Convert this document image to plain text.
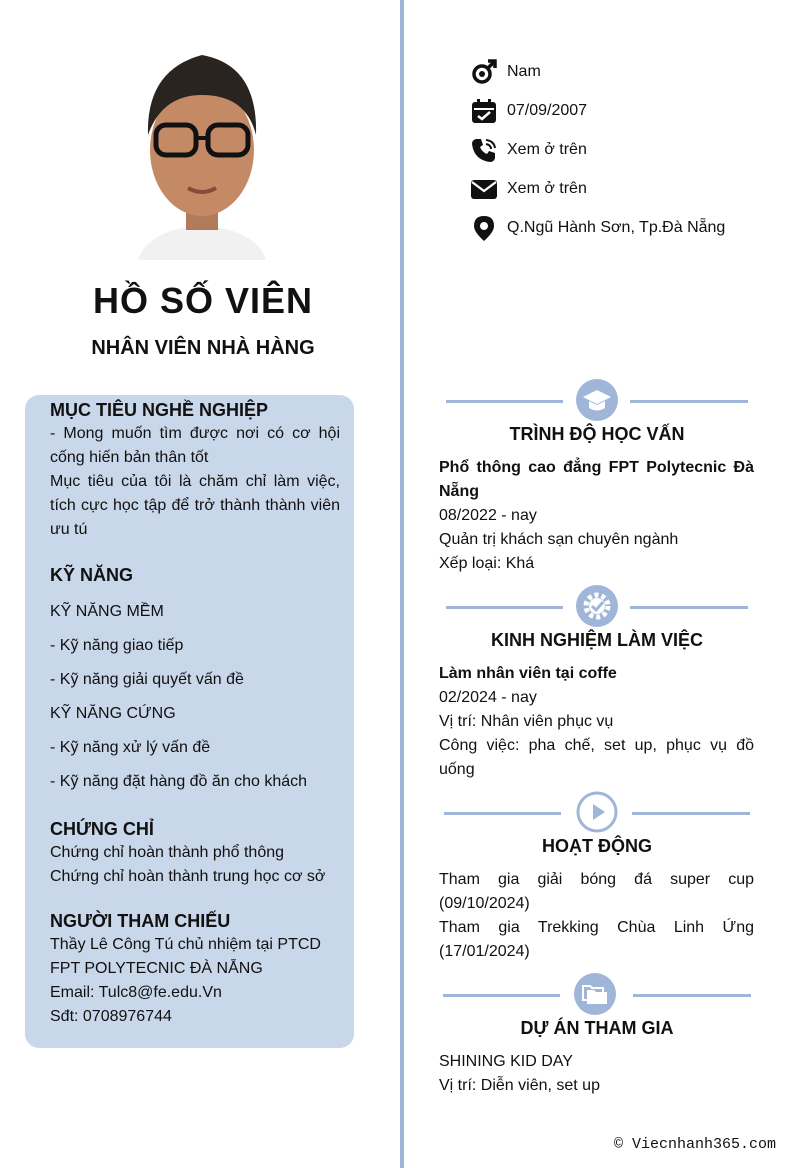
HỒ SỐ VIÊN
NHÂN VIÊN NHÀ HÀNG
MỤC TIÊU NGHỀ NGHIỆP
- Mong muốn tìm được nơi có cơ hội cống hiến bản thân tốt
Mục tiêu của tôi là chăm chỉ làm việc, tích cực học tập để trở thành thành viên ưu tú
KỸ NĂNG
KỸ NĂNG MỀM
- Kỹ năng giao tiếp
- Kỹ năng giải quyết vấn đề
KỸ NĂNG CỨNG
- Kỹ năng xử lý vấn đề
- Kỹ năng đặt hàng đồ ăn cho khách
CHỨNG CHỈ
Chứng chỉ hoàn thành phổ thông
Chứng chỉ hoàn thành trung học cơ sở
NGƯỜI THAM CHIẾU
Thầy Lê Công Tú chủ nhiệm tại PTCD
FPT POLYTECNIC ĐÀ NẴNG
Email: Tulc8@fe.edu.Vn
Sđt: 0708976744
Nam
07/09/2007
Xem ở trên
Xem ở trên
Q.Ngũ Hành Sơn, Tp.Đà Nẵng
TRÌNH ĐỘ HỌC VẤN
Phổ thông cao đẳng FPT Polytecnic Đà Nẵng
08/2022 - nay
Quản trị khách sạn chuyên ngành
Xếp loại: Khá
KINH NGHIỆM LÀM VIỆC
Làm nhân viên tại coffe
02/2024 - nay
Vị trí: Nhân viên phục vụ
Công việc: pha chế, set up, phục vụ đồ uống
HOẠT ĐỘNG
Tham gia giải bóng đá super cup (09/10/2024)
Tham gia Trekking Chùa Linh Ứng (17/01/2024)
DỰ ÁN THAM GIA
SHINING KID DAY
Vị trí: Diễn viên, set up
© Viecnhanh365.com
